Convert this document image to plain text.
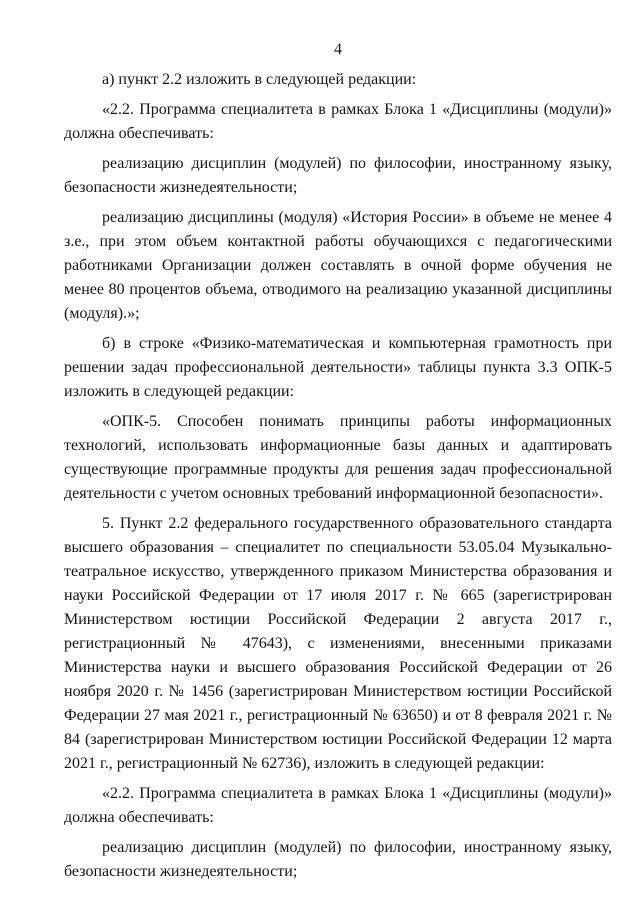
4

а) пункт 2.2 изложить в следующей редакции:

«2.2. Программа специалитета в рамках Блока 1 «Дисциплины (модули)» должна обеспечивать:

реализацию дисциплин (модулей) по философии, иностранному языку, безопасности жизнедеятельности;

реализацию дисциплины (модуля) «История России» в объеме не менее 4 з.е., при этом объем контактной работы обучающихся с педагогическими работниками Организации должен составлять в очной форме обучения не менее 80 процентов объема, отводимого на реализацию указанной дисциплины (модуля).»;

б) в строке «Физико-математическая и компьютерная грамотность при решении задач профессиональной деятельности» таблицы пункта 3.3 ОПК-5 изложить в следующей редакции:

«ОПК-5. Способен понимать принципы работы информационных технологий, использовать информационные базы данных и адаптировать существующие программные продукты для решения задач профессиональной деятельности с учетом основных требований информационной безопасности».

5. Пункт 2.2 федерального государственного образовательного стандарта высшего образования – специалитет по специальности 53.05.04 Музыкально-театральное искусство, утвержденного приказом Министерства образования и науки Российской Федерации от 17 июля 2017 г. № 665 (зарегистрирован Министерством юстиции Российской Федерации 2 августа 2017 г., регистрационный № 47643), с изменениями, внесенными приказами Министерства науки и высшего образования Российской Федерации от 26 ноября 2020 г. № 1456 (зарегистрирован Министерством юстиции Российской Федерации 27 мая 2021 г., регистрационный № 63650) и от 8 февраля 2021 г. № 84 (зарегистрирован Министерством юстиции Российской Федерации 12 марта 2021 г., регистрационный № 62736), изложить в следующей редакции:

«2.2. Программа специалитета в рамках Блока 1 «Дисциплины (модули)» должна обеспечивать:

реализацию дисциплин (модулей) по философии, иностранному языку, безопасности жизнедеятельности;
